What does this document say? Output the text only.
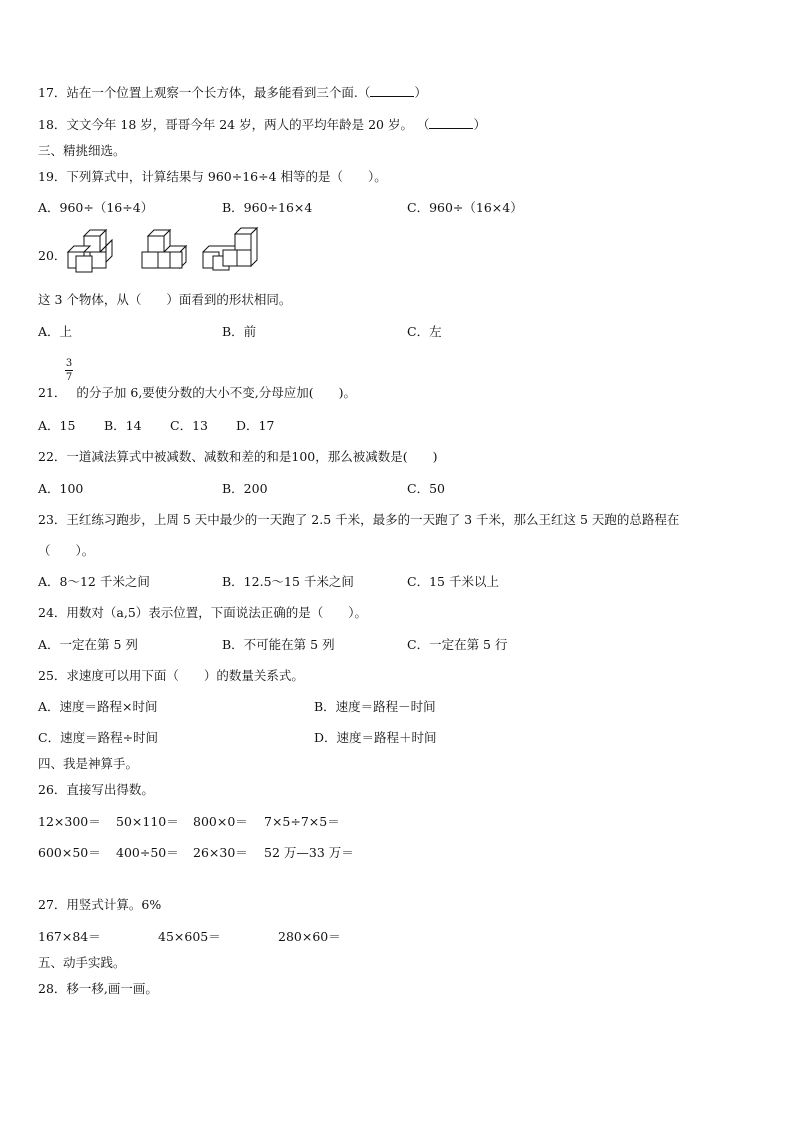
17．站在一个位置上观察一个长方体，最多能看到三个面.（	）
18．文文今年 18 岁，哥哥今年 24 岁，两人的平均年龄是 20 岁。 （	）
三、精挑细选。
19．下列算式中，计算结果与 960÷16÷4 相等的是（　　）。
A．960÷（16÷4）	B．960÷16×4	C．960÷（16×4）
20．
这 3 个物体，从（　　）面看到的形状相同。
A．上	B．前	C．左
3
7
21． 的分子加 6,要使分数的大小不变,分母应加(　　)。
A．15 B．14 C．13 D．17
22．一道减法算式中被减数、减数和差的和是100，那么被减数是(　　)
A．100	B．200	C．50
23．王红练习跑步，上周 5 天中最少的一天跑了 2.5 千米，最多的一天跑了 3 千米，那么王红这 5 天跑的总路程在
（　　）。
A．8～12 千米之间	B．12.5～15 千米之间	C．15 千米以上
24．用数对（a,5）表示位置，下面说法正确的是（　　）。
A．一定在第 5 列	B．不可能在第 5 列	C．一定在第 5 行
25．求速度可以用下面（　　）的数量关系式。
A．速度＝路程×时间	B．速度＝路程－时间
C．速度＝路程÷时间	D．速度＝路程＋时间
四、我是神算手。
26．直接写出得数。
12×300＝ 50×110＝ 800×0＝ 7×5÷7×5＝
600×50＝ 400÷50＝ 26×30＝ 52 万—33 万＝
27．用竖式计算。6%
167×84＝	45×605＝	280×60＝
五、动手实践。
28．移一移,画一画。
